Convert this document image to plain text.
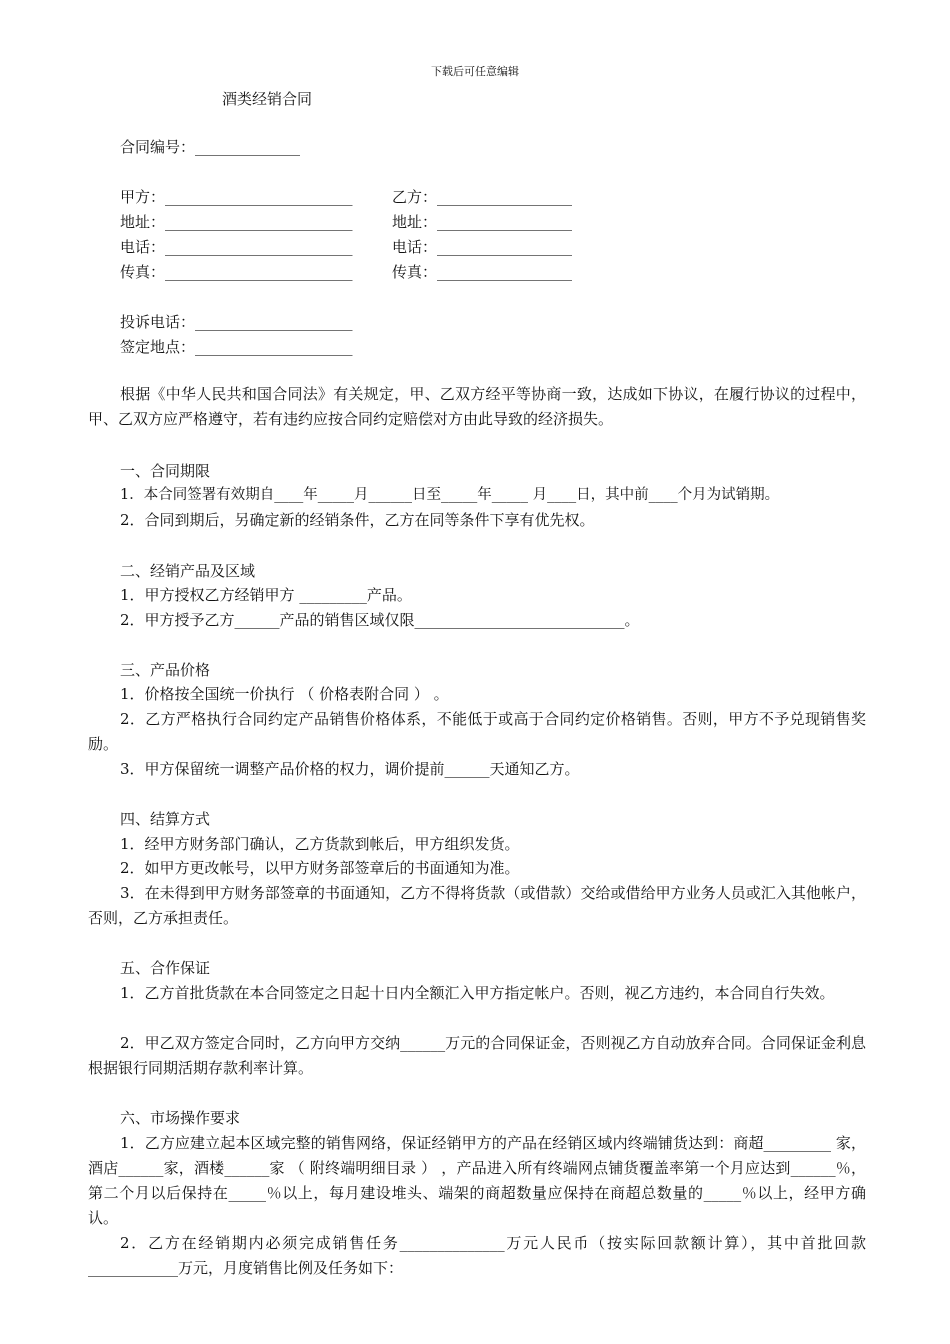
下载后可任意编辑
酒类经销合同
合同编号：______________
甲方：_________________________
地址：_________________________
电话：_________________________
传真：_________________________
乙方：__________________
地址：__________________
电话：__________________
传真：__________________
投诉电话：_____________________
签定地点：_____________________
根据《中华人民共和国合同法》有关规定，甲、乙双方经平等协商一致，达成如下协议，在履行协议的过程中，甲、乙双方应严格遵守，若有违约应按合同约定赔偿对方由此导致的经济损失。
一、合同期限
1．本合同签署有效期自____年_____月______日至_____年_____ 月____日，其中前____个月为试销期。
2．合同到期后，另确定新的经销条件，乙方在同等条件下享有优先权。
二、经销产品及区域
1．甲方授权乙方经销甲方 _________产品。
2．甲方授予乙方______产品的销售区域仅限____________________________。
三、产品价格
1．价格按全国统一价执行 （ 价格表附合同 ） 。
2．乙方严格执行合同约定产品销售价格体系，不能低于或高于合同约定价格销售。否则，甲方不予兑现销售奖励。
3．甲方保留统一调整产品价格的权力，调价提前______天通知乙方。
四、结算方式
1．经甲方财务部门确认，乙方货款到帐后，甲方组织发货。
2．如甲方更改帐号，以甲方财务部签章后的书面通知为准。
3．在未得到甲方财务部签章的书面通知，乙方不得将货款（或借款）交给或借给甲方业务人员或汇入其他帐户，否则，乙方承担责任。
五、合作保证
1．乙方首批货款在本合同签定之日起十日内全额汇入甲方指定帐户。否则，视乙方违约，本合同自行失效。
2．甲乙双方签定合同时，乙方向甲方交纳______万元的合同保证金，否则视乙方自动放弃合同。合同保证金利息根据银行同期活期存款利率计算。
六、市场操作要求
1．乙方应建立起本区域完整的销售网络，保证经销甲方的产品在经销区域内终端铺货达到：商超_________ 家，酒店______家，酒楼______家 （ 附终端明细目录 ） ，产品进入所有终端网点铺货覆盖率第一个月应达到______％，第二个月以后保持在_____％以上，每月建设堆头、端架的商超数量应保持在商超总数量的_____％以上，经甲方确认。
2．乙方在经销期内必须完成销售任务______________万元人民币（按实际回款额计算），其中首批回款____________万元，月度销售比例及任务如下：
